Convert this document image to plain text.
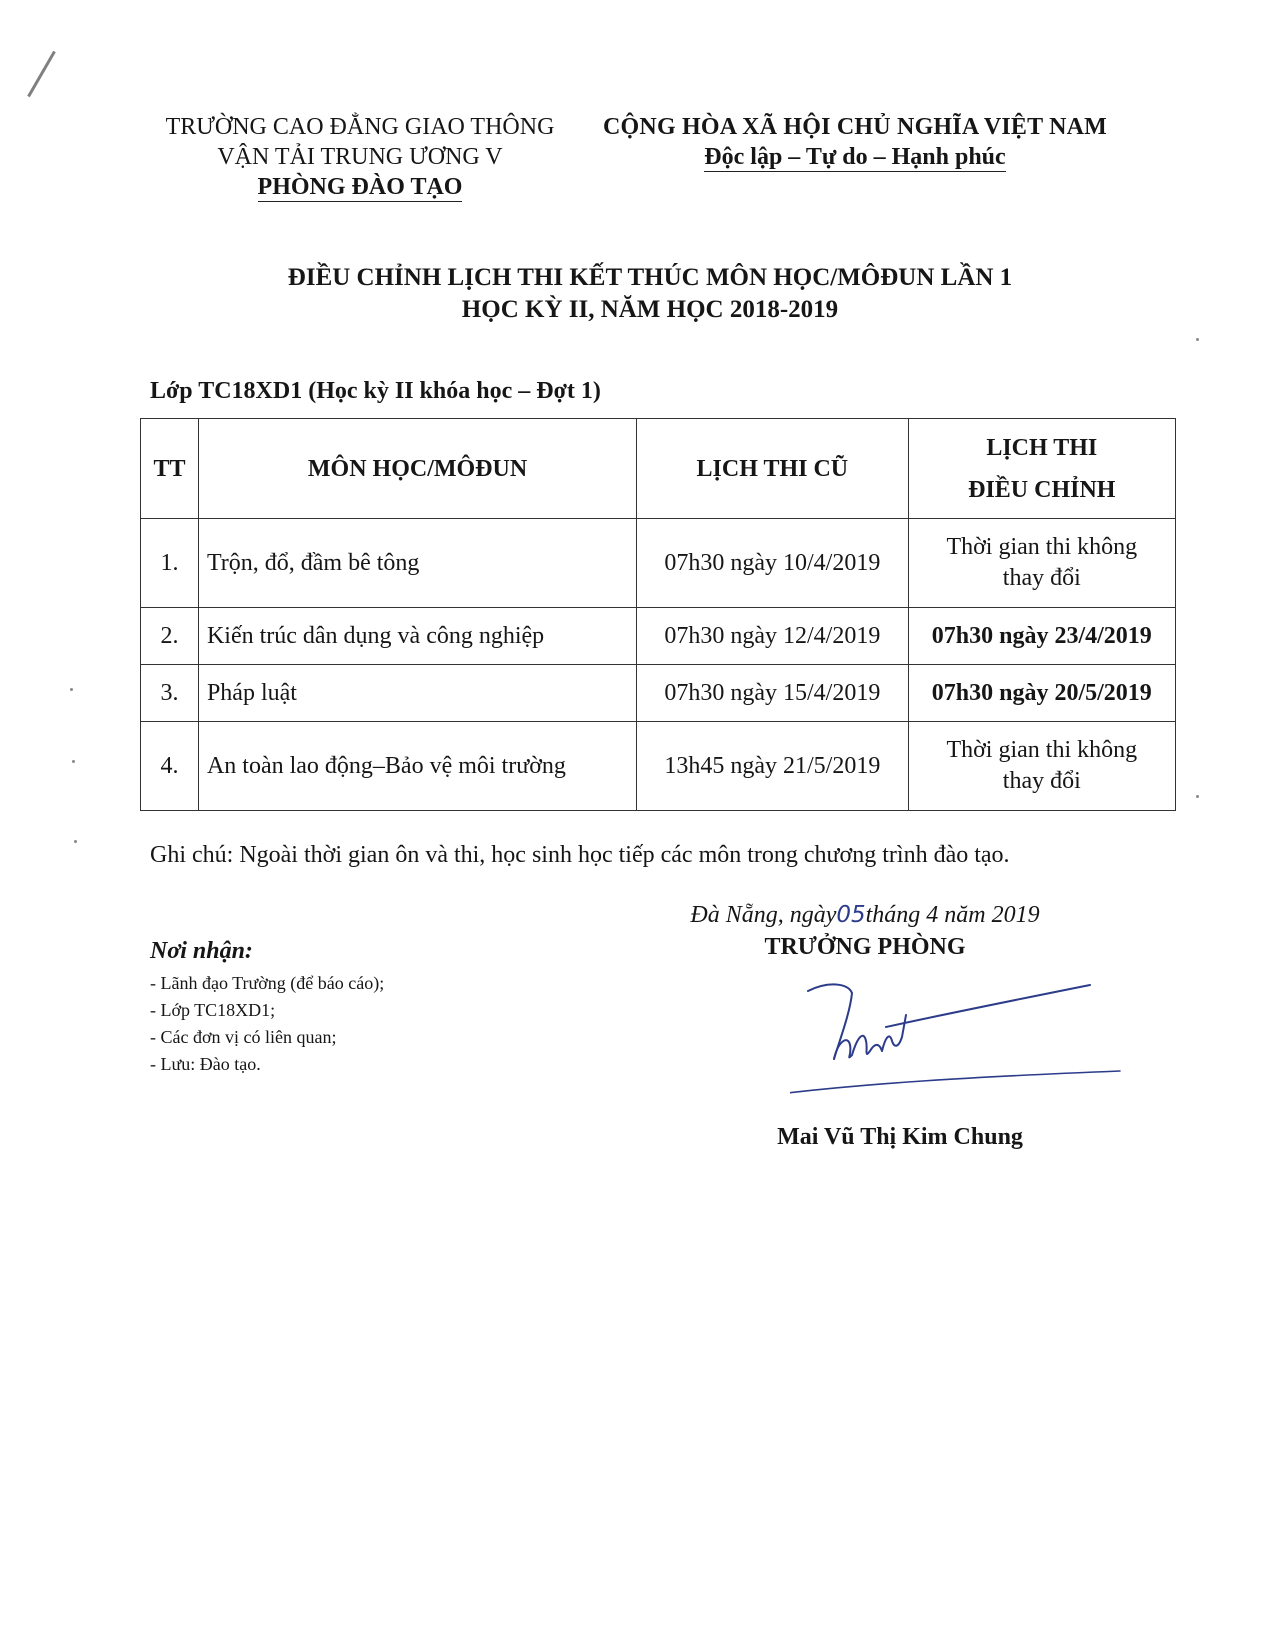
TRƯỜNG CAO ĐẲNG GIAO THÔNG
VẬN TẢI TRUNG ƯƠNG V
PHÒNG ĐÀO TẠO
CỘNG HÒA XÃ HỘI CHỦ NGHĨA VIỆT NAM
Độc lập – Tự do – Hạnh phúc
ĐIỀU CHỈNH LỊCH THI KẾT THÚC MÔN HỌC/MÔĐUN LẦN 1
HỌC KỲ II, NĂM HỌC 2018-2019
Lớp TC18XD1 (Học kỳ II khóa học – Đợt 1)
TT	MÔN HỌC/MÔĐUN	LỊCH THI CŨ	LỊCH THI
ĐIỀU CHỈNH

1.	Trộn, đổ, đầm bê tông	07h30 ngày 10/4/2019	Thời gian thi không
thay đổi

2.	Kiến trúc dân dụng và công nghiệp	07h30 ngày 12/4/2019	07h30 ngày 23/4/2019
3.	Pháp luật	07h30 ngày 15/4/2019	07h30 ngày 20/5/2019
4.	An toàn lao động–Bảo vệ môi trường	13h45 ngày 21/5/2019	Thời gian thi không
thay đổi
Ghi chú: Ngoài thời gian ôn và thi, học sinh học tiếp các môn trong chương trình đào tạo.
Đà Nẵng, ngày05tháng 4 năm 2019
TRƯỞNG PHÒNG
Nơi nhận:
- Lãnh đạo Trường (để báo cáo);
- Lớp TC18XD1;
- Các đơn vị có liên quan;
- Lưu: Đào tạo.
Mai Vũ Thị Kim Chung
